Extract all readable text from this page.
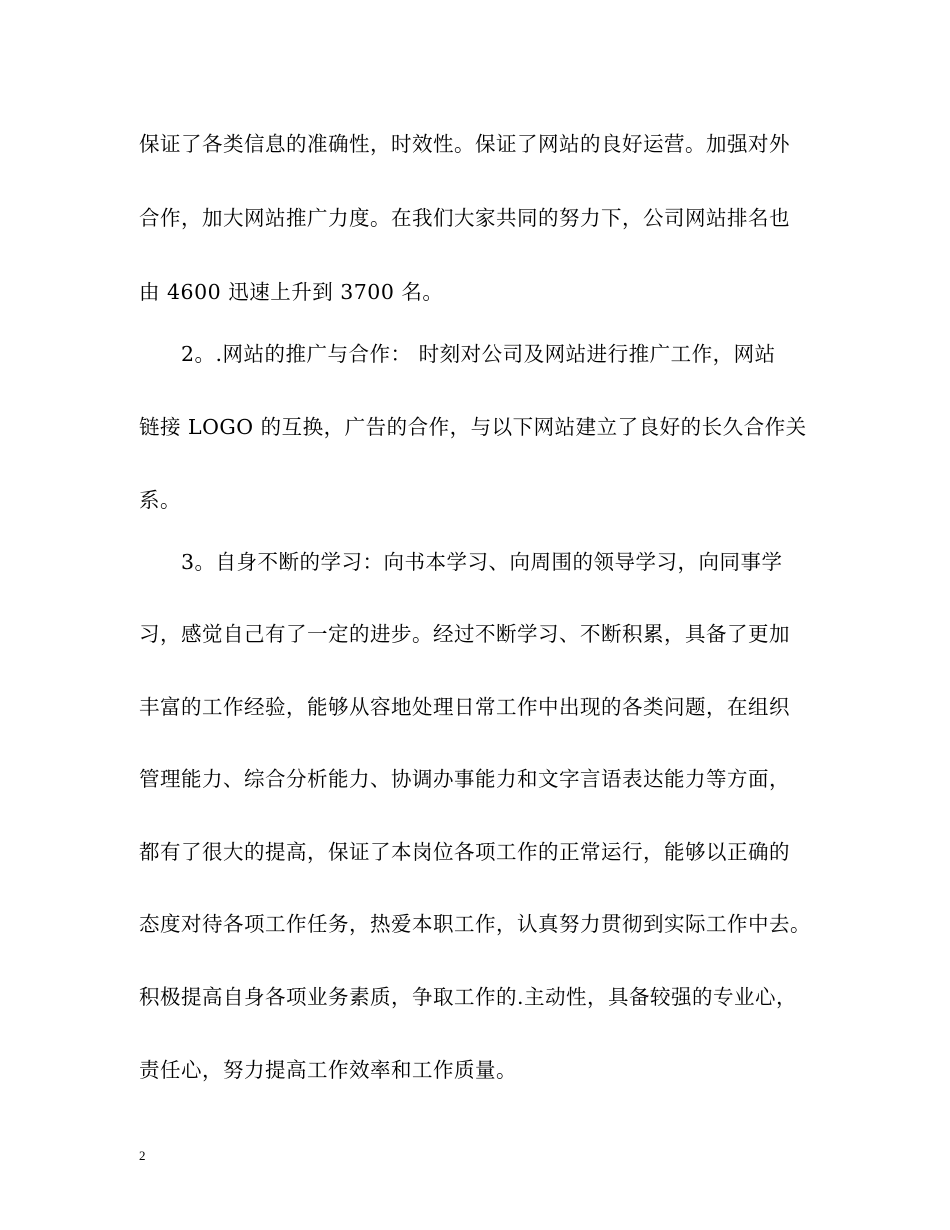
保证了各类信息的准确性，时效性。保证了网站的良好运营。加强对外
合作，加大网站推广力度。在我们大家共同的努力下，公司网站排名也
由 4600 迅速上升到 3700 名。
2。.网站的推广与合作： 时刻对公司及网站进行推广工作，网站
链接 LOGO 的互换，广告的合作，与以下网站建立了良好的长久合作关
系。
3。自身不断的学习：向书本学习、向周围的领导学习，向同事学
习，感觉自己有了一定的进步。经过不断学习、不断积累，具备了更加
丰富的工作经验，能够从容地处理日常工作中出现的各类问题，在组织
管理能力、综合分析能力、协调办事能力和文字言语表达能力等方面，
都有了很大的提高，保证了本岗位各项工作的正常运行，能够以正确的
态度对待各项工作任务，热爱本职工作，认真努力贯彻到实际工作中去。
积极提高自身各项业务素质，争取工作的.主动性，具备较强的专业心，
责任心，努力提高工作效率和工作质量。
2
